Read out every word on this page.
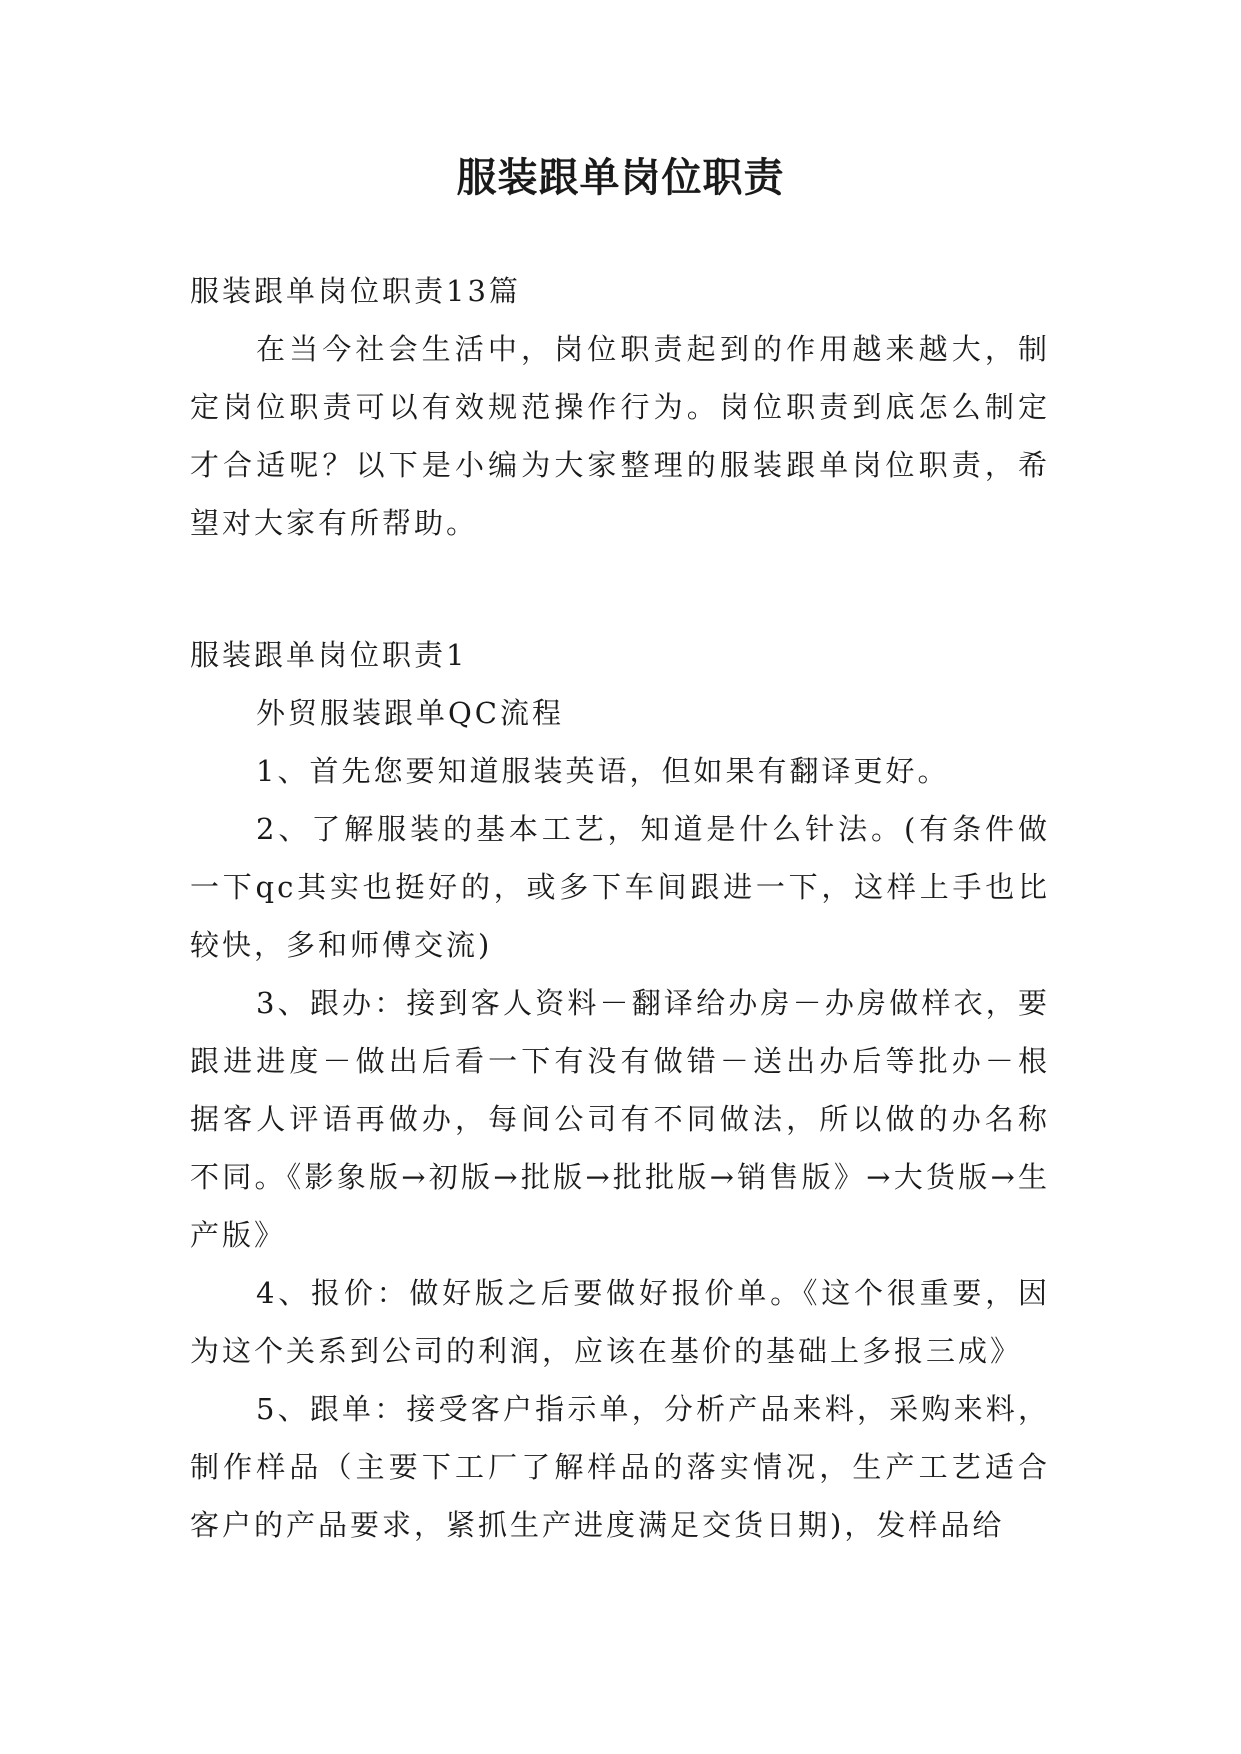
服装跟单岗位职责

服装跟单岗位职责13篇

在当今社会生活中，岗位职责起到的作用越来越大，制定岗位职责可以有效规范操作行为。岗位职责到底怎么制定才合适呢？以下是小编为大家整理的服装跟单岗位职责，希望对大家有所帮助。

服装跟单岗位职责1

外贸服装跟单QC流程

1、首先您要知道服装英语，但如果有翻译更好。

2、了解服装的基本工艺，知道是什么针法。(有条件做一下qc其实也挺好的，或多下车间跟进一下，这样上手也比较快，多和师傅交流)

3、跟办：接到客人资料－翻译给办房－办房做样衣，要跟进进度－做出后看一下有没有做错－送出办后等批办－根据客人评语再做办，每间公司有不同做法，所以做的办名称不同。《影象版→初版→批版→批批版→销售版》→大货版→生产版》

4、报价：做好版之后要做好报价单。《这个很重要，因为这个关系到公司的利润，应该在基价的基础上多报三成》

5、跟单：接受客户指示单，分析产品来料，采购来料，制作样品（主要下工厂了解样品的落实情况，生产工艺适合客户的产品要求，紧抓生产进度满足交货日期)，发样品给
